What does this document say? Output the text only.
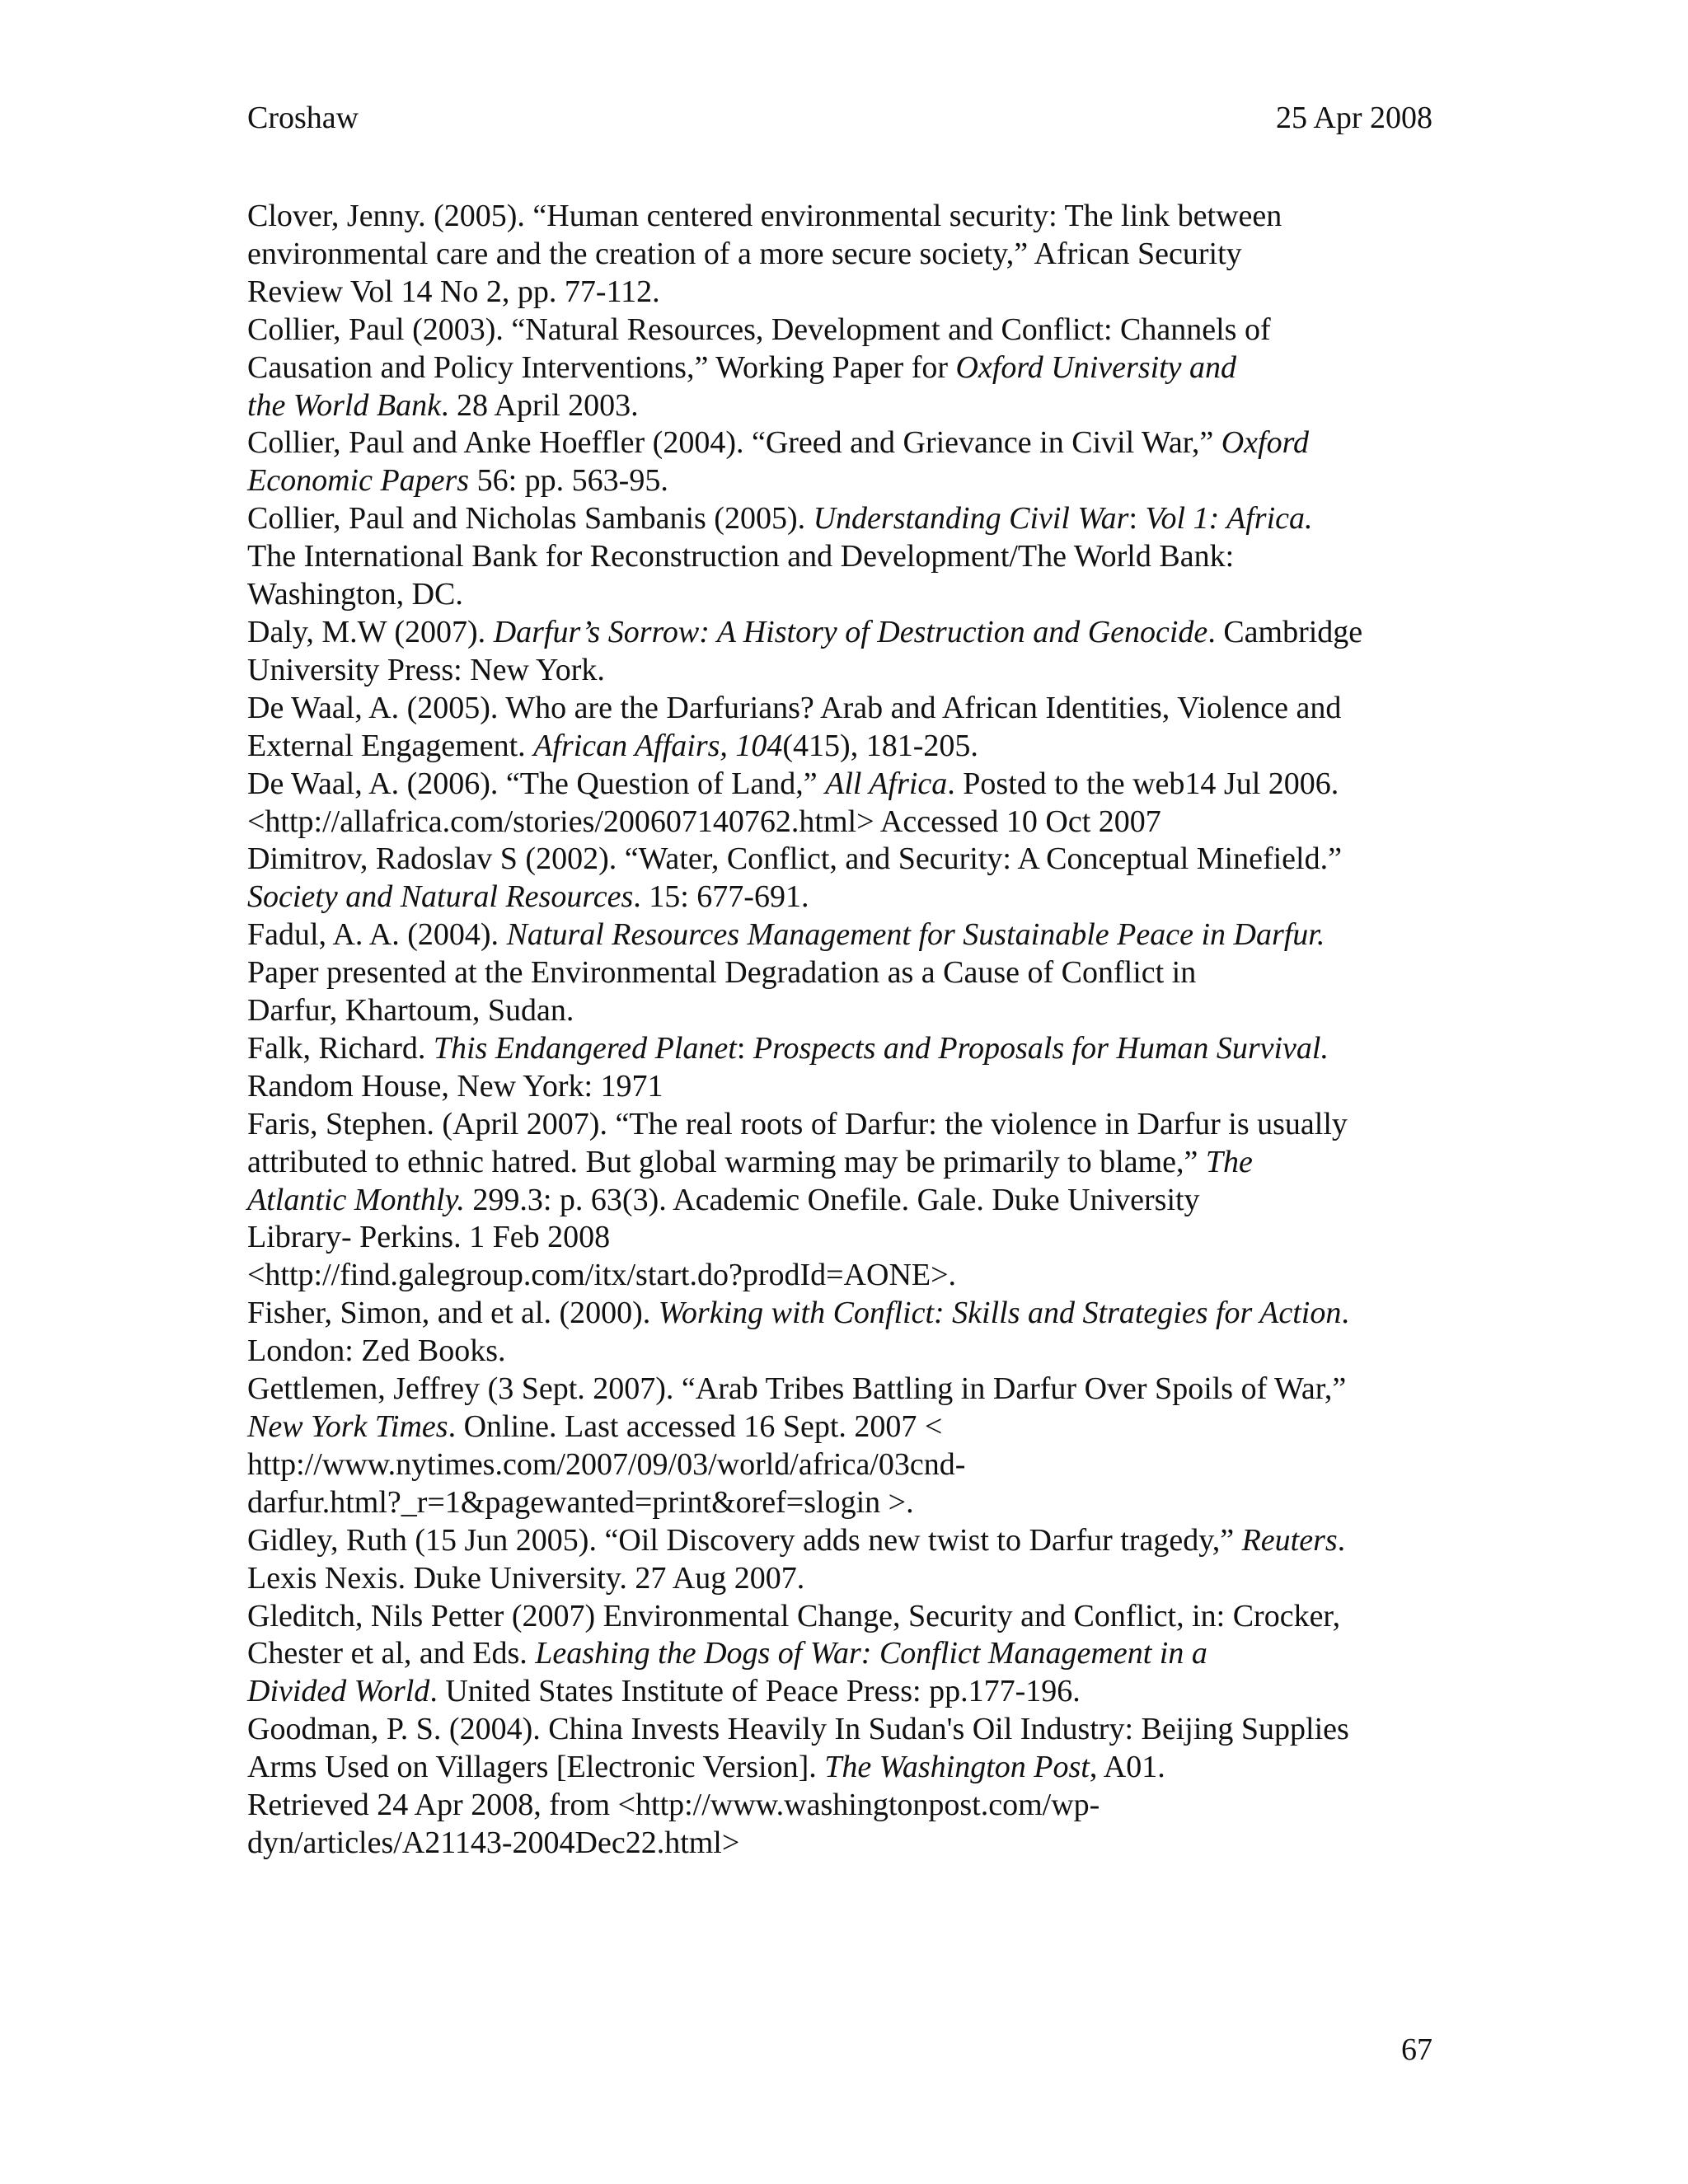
Croshaw	25 Apr 2008

Clover, Jenny. (2005). “Human centered environmental security: The link between
environmental care and the creation of a more secure society,” African Security
Review Vol 14 No 2, pp. 77-112.

Collier, Paul (2003). “Natural Resources, Development and Conflict: Channels of
Causation and Policy Interventions,” Working Paper for Oxford University and
the World Bank. 28 April 2003.

Collier, Paul and Anke Hoeffler (2004). “Greed and Grievance in Civil War,” Oxford
Economic Papers 56: pp. 563-95.

Collier, Paul and Nicholas Sambanis (2005). Understanding Civil War: Vol 1: Africa.
The International Bank for Reconstruction and Development/The World Bank:
Washington, DC.

Daly, M.W (2007). Darfur’s Sorrow: A History of Destruction and Genocide. Cambridge
University Press: New York.

De Waal, A. (2005). Who are the Darfurians? Arab and African Identities, Violence and
External Engagement. African Affairs, 104(415), 181-205.

De Waal, A. (2006). “The Question of Land,” All Africa. Posted to the web14 Jul 2006.
<http://allafrica.com/stories/200607140762.html> Accessed 10 Oct 2007

Dimitrov, Radoslav S (2002). “Water, Conflict, and Security: A Conceptual Minefield.”
Society and Natural Resources. 15: 677-691.

Fadul, A. A. (2004). Natural Resources Management for Sustainable Peace in Darfur.
Paper presented at the Environmental Degradation as a Cause of Conflict in
Darfur, Khartoum, Sudan.

Falk, Richard. This Endangered Planet: Prospects and Proposals for Human Survival.
Random House, New York: 1971

Faris, Stephen. (April 2007). “The real roots of Darfur: the violence in Darfur is usually
attributed to ethnic hatred. But global warming may be primarily to blame,” The
Atlantic Monthly. 299.3: p. 63(3). Academic Onefile. Gale. Duke University
Library- Perkins. 1 Feb 2008
<http://find.galegroup.com/itx/start.do?prodId=AONE>.

Fisher, Simon, and et al. (2000). Working with Conflict: Skills and Strategies for Action.
London: Zed Books.

Gettlemen, Jeffrey (3 Sept. 2007). “Arab Tribes Battling in Darfur Over Spoils of War,”
New York Times. Online. Last accessed 16 Sept. 2007 <
http://www.nytimes.com/2007/09/03/world/africa/03cnd-
darfur.html?_r=1&pagewanted=print&oref=slogin >.

Gidley, Ruth (15 Jun 2005). “Oil Discovery adds new twist to Darfur tragedy,” Reuters.
Lexis Nexis. Duke University. 27 Aug 2007.

Gleditch, Nils Petter (2007) Environmental Change, Security and Conflict, in: Crocker,
Chester et al, and Eds. Leashing the Dogs of War: Conflict Management in a
Divided World. United States Institute of Peace Press: pp.177-196.

Goodman, P. S. (2004). China Invests Heavily In Sudan's Oil Industry: Beijing Supplies
Arms Used on Villagers [Electronic Version]. The Washington Post, A01.
Retrieved 24 Apr 2008, from <http://www.washingtonpost.com/wp-
dyn/articles/A21143-2004Dec22.html>

67
